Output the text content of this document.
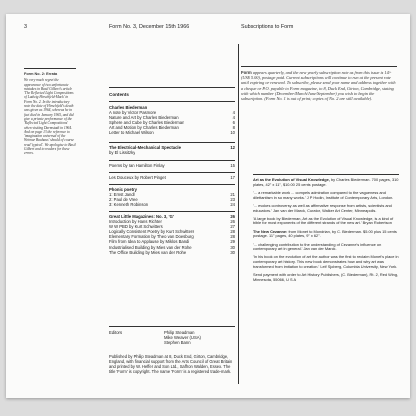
3	Form No. 3, December 15th 1966	Subscriptions to Form
Form No. 2: Errata
We very much regret the appearance of two unfortunate mistakes in Basil Gilbert's article 'The Reflected Light Compositions of Ludwig Hirschfeld-Mack' in Form No. 2. In the introductory note the date of Hirschfeld's death was given as 1964, whereas he in fact died in January 1965, and did give a private performance of the 'Reflected Light Compositions' when visiting Darmstadt in 1964. And on page 13 the reference to 'imagination universal of the Weimar Bauhaus' should of course read 'typical'. We apologise to Basil Gilbert and to readers for these errors.
Contents
Charles Biederman
A note by Victor Pasmore	4
Nature and Art by Charles Biederman	4
Sphere and Cube by Charles Biederman	6
Art and Motion by Charles Biederman	8
Letter to Michael Wilson	10
The Electrical-Mechanical Spectacle	12
by El Lissitzky
Poems by Ian Hamilton Finlay	15
Les Douceux by Robert Pinget	17
Phonic poetry
1: Ernst Jandl	21
2: Paul de Vree	23
3: Kenneth Robinson	24
Great Little Magazines: No. 3, 'G'	26
Introduction by Hans Richter	26
W W PBD by Kurt Schwitters	27
Logically Consistent Poetry by Kurt Schwitters	28
Elementary Formation by Theo van Doesburg	28
Film from Idea to Applause by Miklos Bandi	29
Industrialised Building by Mies van der Rohe	30
The Office Building by Mies van der Rohe	30
Editors	Philip Steadman
Mike Weaver (USA)
Stephen Bann
Published by Philip Steadman at 8, Duck End, Girton, Cambridge, England, with financial support from the Arts Council of Great Britain and printed by W. Heffer and Son Ltd., Saffron Walden, Essex. The title 'Form' is copyright. The name 'Form' is a registered trade-mark.
Form appears quarterly, and the new yearly subscription rate as from this issue is 14/- (US$ 5.00), postage paid. Current subscriptions will continue to run at the present rate until expiring or renewed. To subscribe, please send your name and address together with a cheque or P.O. payable to Form magazine, to 8, Duck End, Girton, Cambridge, stating with which number (December/March/June/September) you wish to begin the subscription. (Form No. 1 is out of print; copies of No. 2 are still available).
Art as the Evolution of Visual Knowledge, by Charles Biederman. 700 pages, 310 plates, 42" x 11", $10.00 25 cents postage.
'... a remarkable work ... compels admiration compared to the vagueness and dilettantism in so many works.' J P Hodin, Institute of Contemporary Arts, London.
'... evokes controversy as well as affirmative response from artists, scientists and educators.' Jan van der Marck, Curator, Walker Art Center, Minneapolis.
'A large book by Biederman, Art as the Evolution of Visual Knowledge, is a kind of bible for most exponents of the different strands of the new art.' Bryan Robertson
The New Cezanne: from Monet to Mondrian, by C. Biederman. $5.00 plus 15 cents postage. 11" pages, 40 plates, 9" x 62".
'... challenging contribution to the understanding of Cezanne's influence on contemporary art in general.' Jan van der Marck.
'In his book on the evolution of art the author was the first to reclaim Monet's place in contemporary art history. This new book demonstrates how and why art was transformed from imitation to creation.' Leif Sjoberg, Columbia University, New York.
Send payment with order to Art History Publishers, (C. Biederman), Rt. 2, Red Wing, Minnesota, 55066, U S A
